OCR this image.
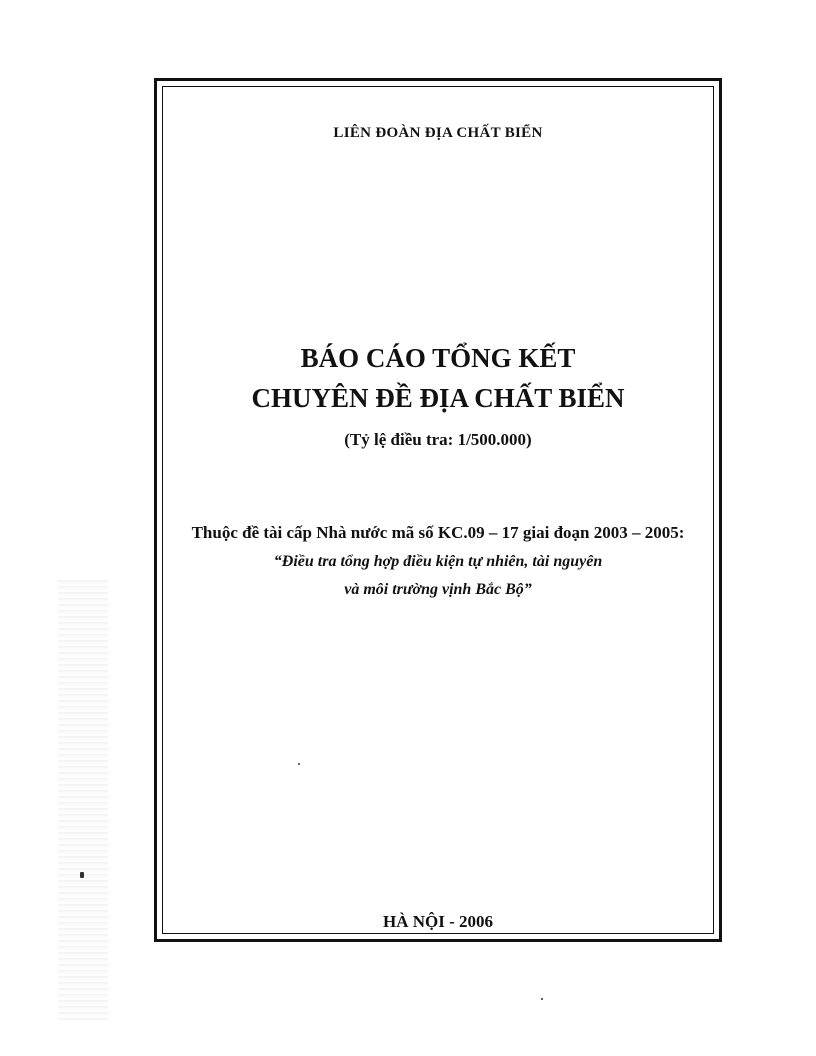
LIÊN ĐOÀN ĐỊA CHẤT BIỂN
BÁO CÁO TỔNG KẾT
CHUYÊN ĐỀ ĐỊA CHẤT BIỂN
(Tỷ lệ điều tra: 1/500.000)
Thuộc đề tài cấp Nhà nước mã số KC.09 – 17 giai đoạn 2003 – 2005:
“Điều tra tổng hợp điều kiện tự nhiên, tài nguyên
và môi trường vịnh Bắc Bộ”
HÀ NỘI - 2006
